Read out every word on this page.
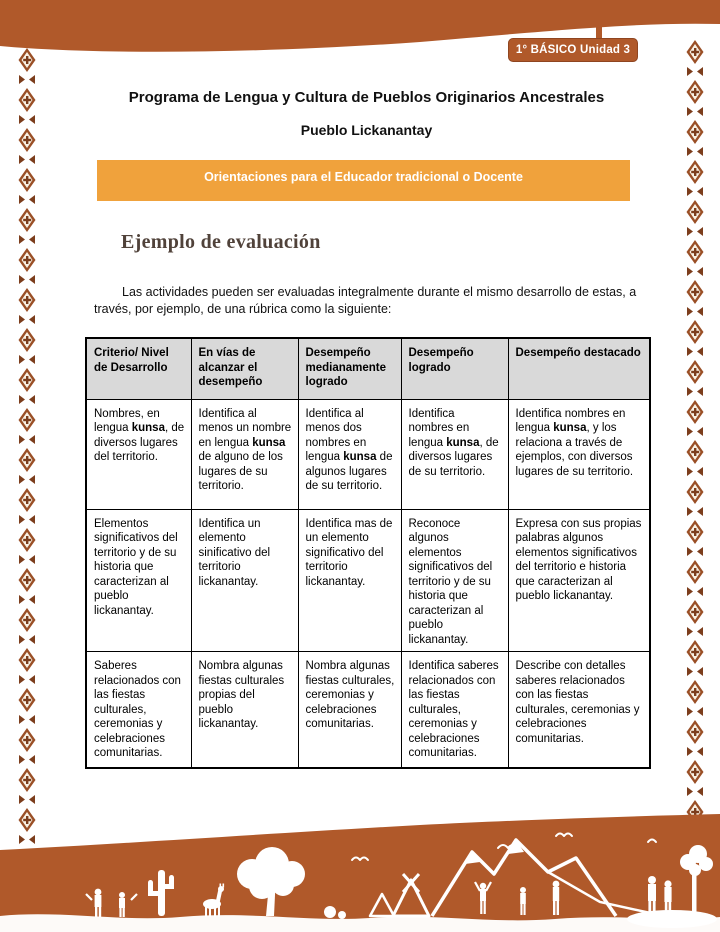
1° BÁSICO Unidad 3
Programa de Lengua y Cultura de Pueblos Originarios Ancestrales
Pueblo Lickanantay
Orientaciones para el Educador tradicional o Docente
Ejemplo de evaluación

Las actividades pueden ser evaluadas integralmente durante el mismo desarrollo de estas, a través, por ejemplo, de una rúbrica como la siguiente:

Criterio/ Nivel de Desarrollo	En vías de alcanzar el desempeño	Desempeño medianamente logrado	Desempeño logrado	Desempeño destacado
Nombres, en lengua kunsa, de diversos lugares del territorio.	Identifica al menos un nombre en lengua kunsa de alguno de los lugares de su territorio.	Identifica al menos dos nombres en lengua kunsa de algunos lugares de su territorio.	Identifica nombres en lengua kunsa, de diversos lugares de su territorio.	Identifica nombres en lengua kunsa, y los relaciona a través de ejemplos, con diversos lugares de su territorio.
Elementos significativos del territorio y de su historia que caracterizan al pueblo lickanantay.	Identifica un elemento sinificativo del territorio lickanantay.	Identifica mas de un elemento significativo del territorio lickanantay.	Reconoce algunos elementos significativos del territorio y de su historia que caracterizan al pueblo lickanantay.	Expresa con sus propias palabras algunos elementos significativos del territorio e historia que caracterizan al pueblo lickanantay.
Saberes relacionados con las fiestas culturales, ceremonias y celebraciones comunitarias.	Nombra algunas fiestas culturales propias del pueblo lickanantay.	Nombra algunas fiestas culturales, ceremonias y celebraciones comunitarias.	Identifica saberes relacionados con las fiestas culturales, ceremonias y celebraciones comunitarias.	Describe con detalles saberes relacionados con las fiestas culturales, ceremonias y celebraciones comunitarias.
